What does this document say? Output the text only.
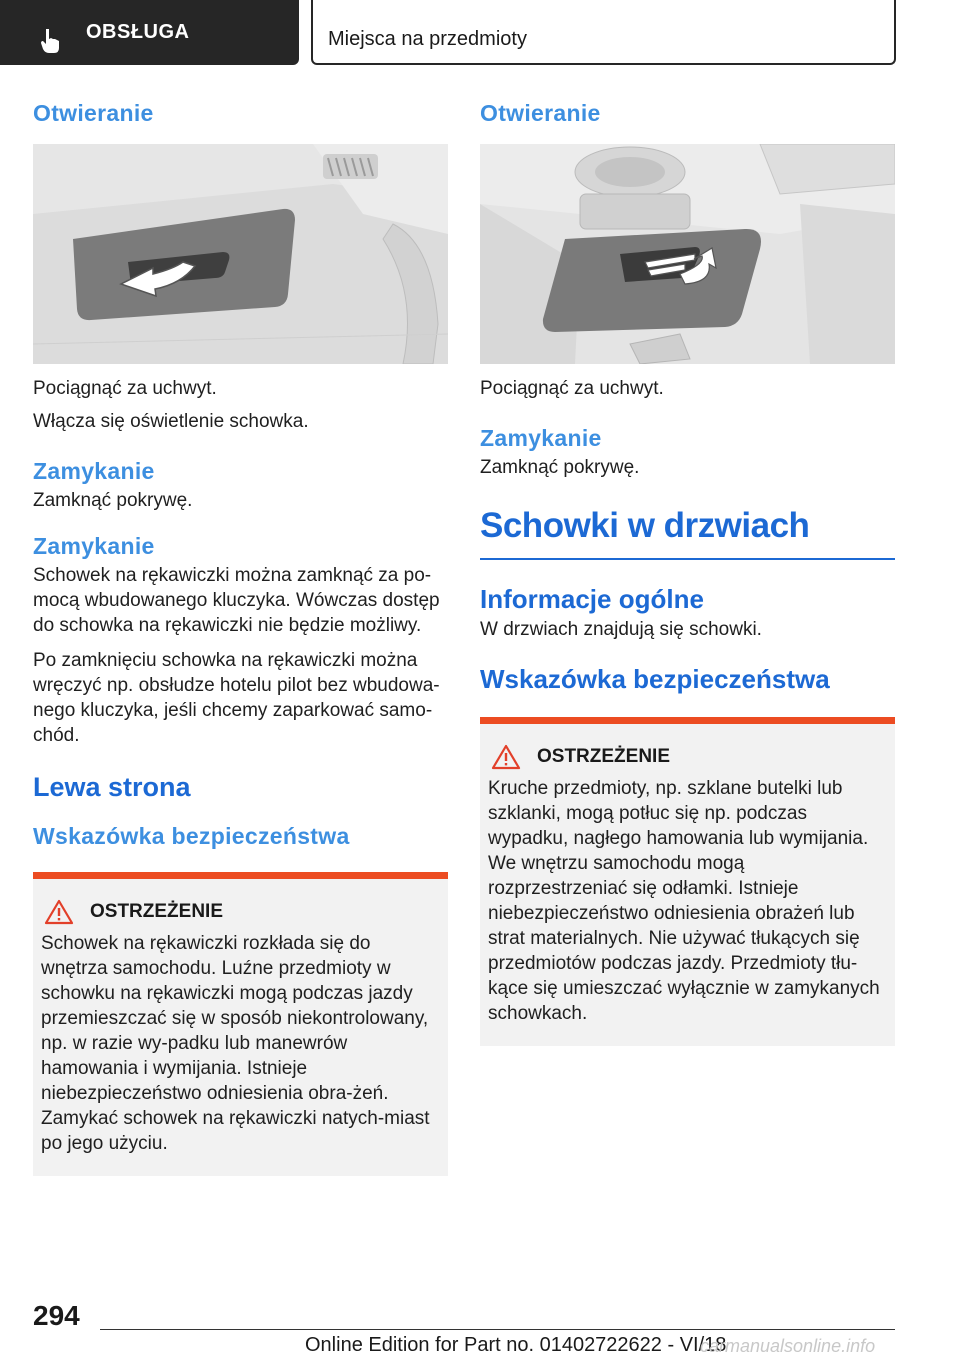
OBSŁUGA	Miejsca na przedmioty
Otwieranie

Pociągnąć za uchwyt.

Włącza się oświetlenie schowka.

Zamykanie

Zamknąć pokrywę.

Zamykanie

Schowek na rękawiczki można zamknąć za po-mocą wbudowanego kluczyka. Wówczas dostęp do schowka na rękawiczki nie będzie możliwy.

Po zamknięciu schowka na rękawiczki można wręczyć np. obsłudze hotelu pilot bez wbudowa-nego kluczyka, jeśli chcemy zaparkować samo-chód.

Lewa strona
Wskazówka bezpieczeństwa
OSTRZEŻENIE

Schowek na rękawiczki rozkłada się do wnętrza samochodu. Luźne przedmioty w schowku na rękawiczki mogą podczas jazdy przemieszczać się w sposób niekontrolowany, np. w razie wy-padku lub manewrów hamowania i wymijania. Istnieje niebezpieczeństwo odniesienia obra-żeń. Zamykać schowek na rękawiczki natych-miast po jego użyciu.

Otwieranie

Pociągnąć za uchwyt.

Zamykanie

Zamknąć pokrywę.

Schowki w drzwiach
Informacje ogólne

W drzwiach znajdują się schowki.

Wskazówka bezpieczeństwa
OSTRZEŻENIE

Kruche przedmioty, np. szklane butelki lub szklanki, mogą potłuc się np. podczas wypadku, nagłego hamowania lub wymijania. We wnętrzu samochodu mogą rozprzestrzeniać się odłamki. Istnieje niebezpieczeństwo odniesienia obrażeń lub strat materialnych. Nie używać tłukących się przedmiotów podczas jazdy. Przedmioty tłu-kące się umieszczać wyłącznie w zamykanych schowkach.

294
Online Edition for Part no. 01402722622 - VI/18
carmanualsonline.info
